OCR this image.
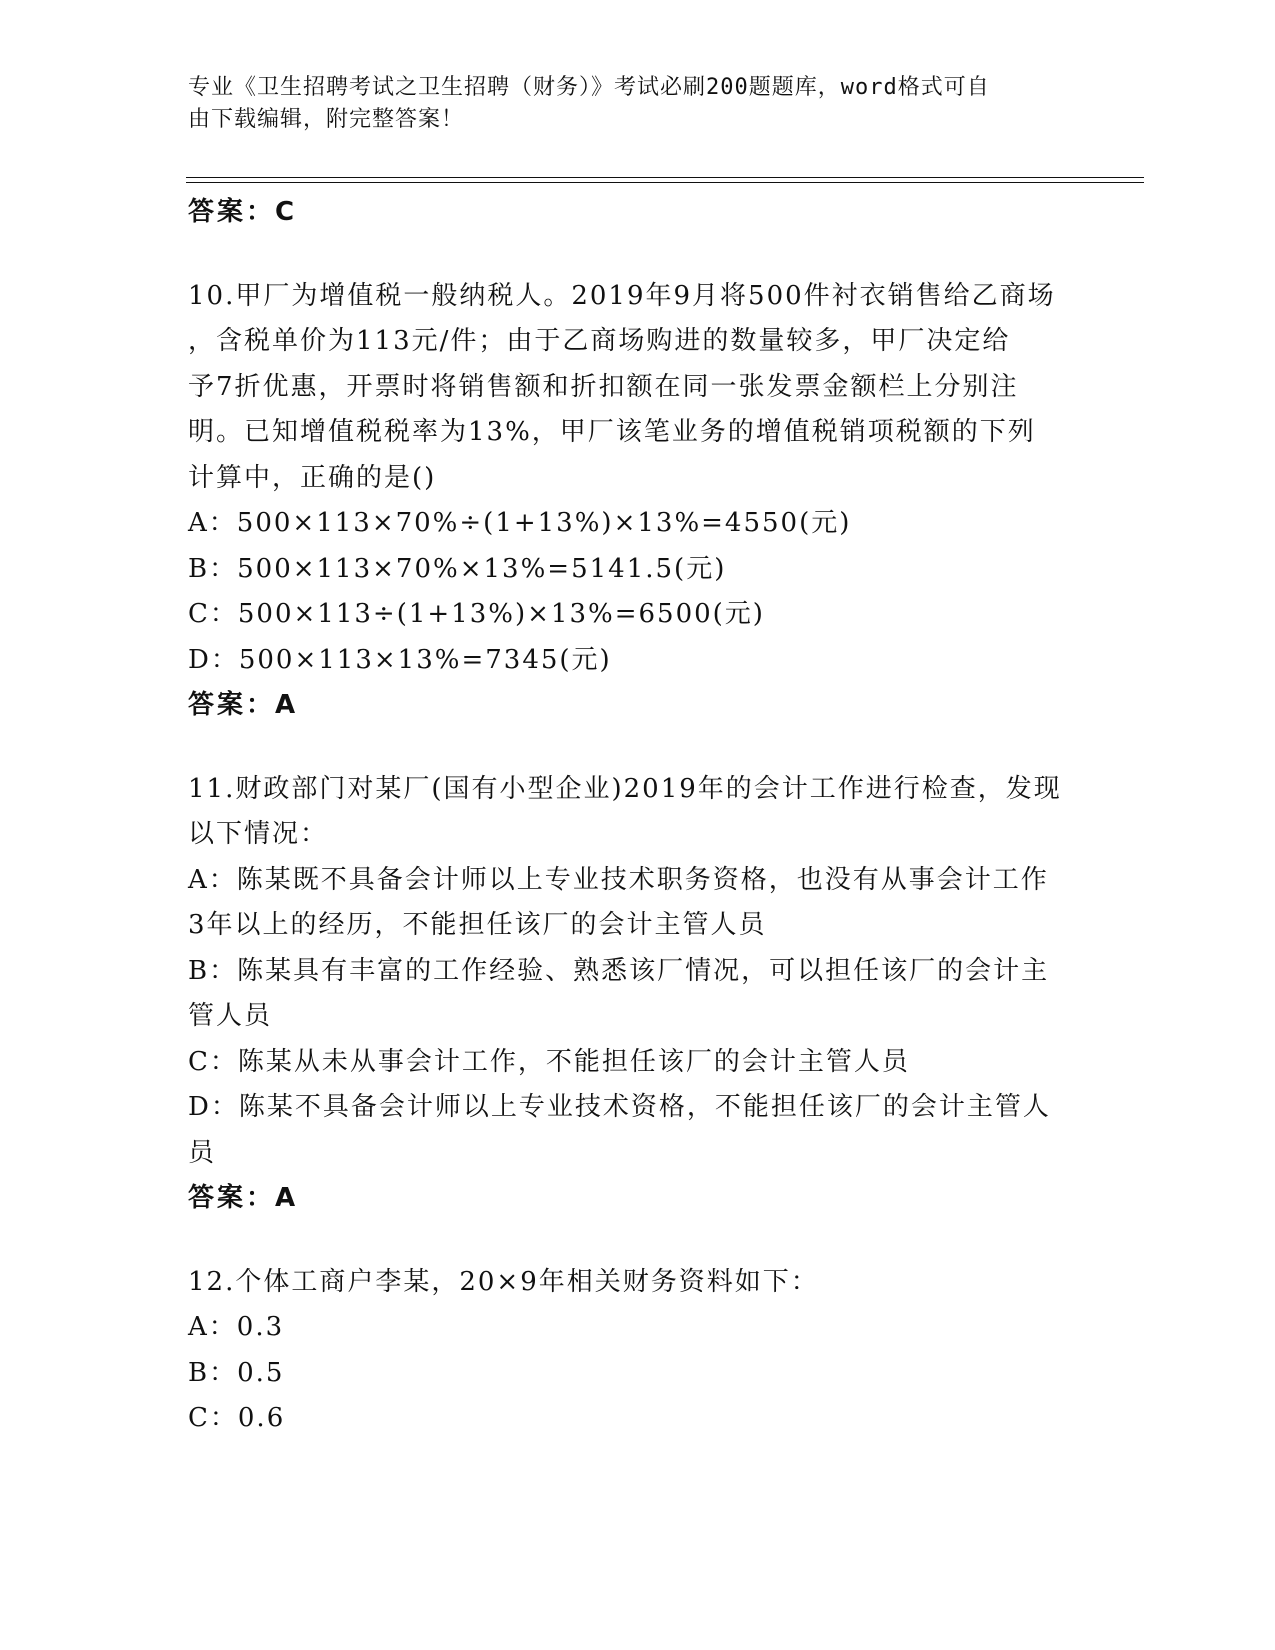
专业《卫生招聘考试之卫生招聘（财务）》考试必刷200题题库，word格式可自
由下载编辑，附完整答案！
答案：C
10.甲厂为增值税一般纳税人。2019年9月将500件衬衣销售给乙商场
，含税单价为113元/件；由于乙商场购进的数量较多，甲厂决定给
予7折优惠，开票时将销售额和折扣额在同一张发票金额栏上分别注
明。已知增值税税率为13%，甲厂该笔业务的增值税销项税额的下列
计算中，正确的是()
A：500×113×70%÷(1+13%)×13%=4550(元)
B：500×113×70%×13%=5141.5(元)
C：500×113÷(1+13%)×13%=6500(元)
D：500×113×13%=7345(元)
答案：A
11.财政部门对某厂(国有小型企业)2019年的会计工作进行检查，发现
以下情况：
A：陈某既不具备会计师以上专业技术职务资格，也没有从事会计工作
3年以上的经历，不能担任该厂的会计主管人员
B：陈某具有丰富的工作经验、熟悉该厂情况，可以担任该厂的会计主
管人员
C：陈某从未从事会计工作，不能担任该厂的会计主管人员
D：陈某不具备会计师以上专业技术资格，不能担任该厂的会计主管人
员
答案：A
12.个体工商户李某，20×9年相关财务资料如下：
A：0.3
B：0.5
C：0.6
